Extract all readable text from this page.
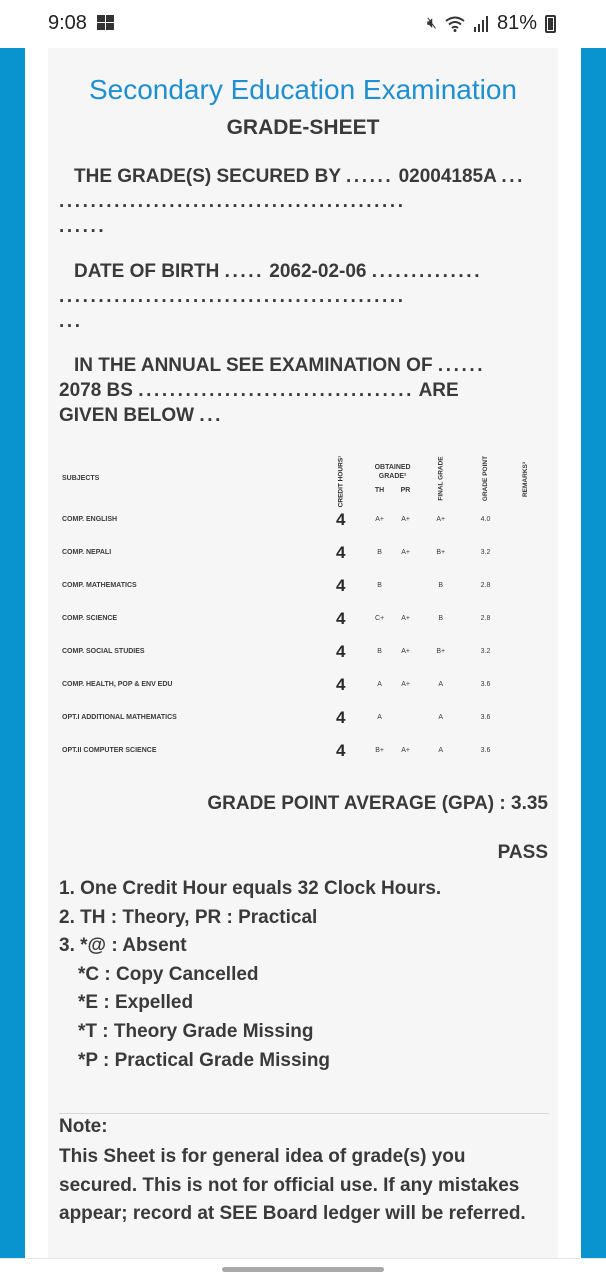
9:08	🔇︎	81%
Secondary Education Examination
GRADE-SHEET
THE GRADE(S) SECURED BY ...... 02004185A ...
............................................
......
DATE OF BIRTH ..... 2062-02-06 ..............
............................................
...
IN THE ANNUAL SEE EXAMINATION OF ......
2078 BS ................................... ARE
GIVEN BELOW ...
SUBJECTS	CREDIT HOURS¹	OBTAINED GRADE²
TH PR		FINAL GRADE	GRADE POINT	REMARKS³
COMP. ENGLISH	4	A+	A+	A+	4.0	
COMP. NEPALI	4	B	A+	B+	3.2	
COMP. MATHEMATICS	4	B		B	2.8	
COMP. SCIENCE	4	C+	A+	B	2.8	
COMP. SOCIAL STUDIES	4	B	A+	B+	3.2	
COMP. HEALTH, POP & ENV EDU	4	A	A+	A	3.6	
OPT.I ADDITIONAL MATHEMATICS	4	A		A	3.6	
OPT.II COMPUTER SCIENCE	4	B+	A+	A	3.6	
GRADE POINT AVERAGE (GPA) : 3.35
PASS
1. One Credit Hour equals 32 Clock Hours.
2. TH : Theory, PR : Practical
3. *@ : Absent
*C : Copy Cancelled
*E : Expelled
*T : Theory Grade Missing
*P : Practical Grade Missing
Note:
This Sheet is for general idea of grade(s) you secured. This is not for official use. If any mistakes appear; record at SEE Board ledger will be referred.
